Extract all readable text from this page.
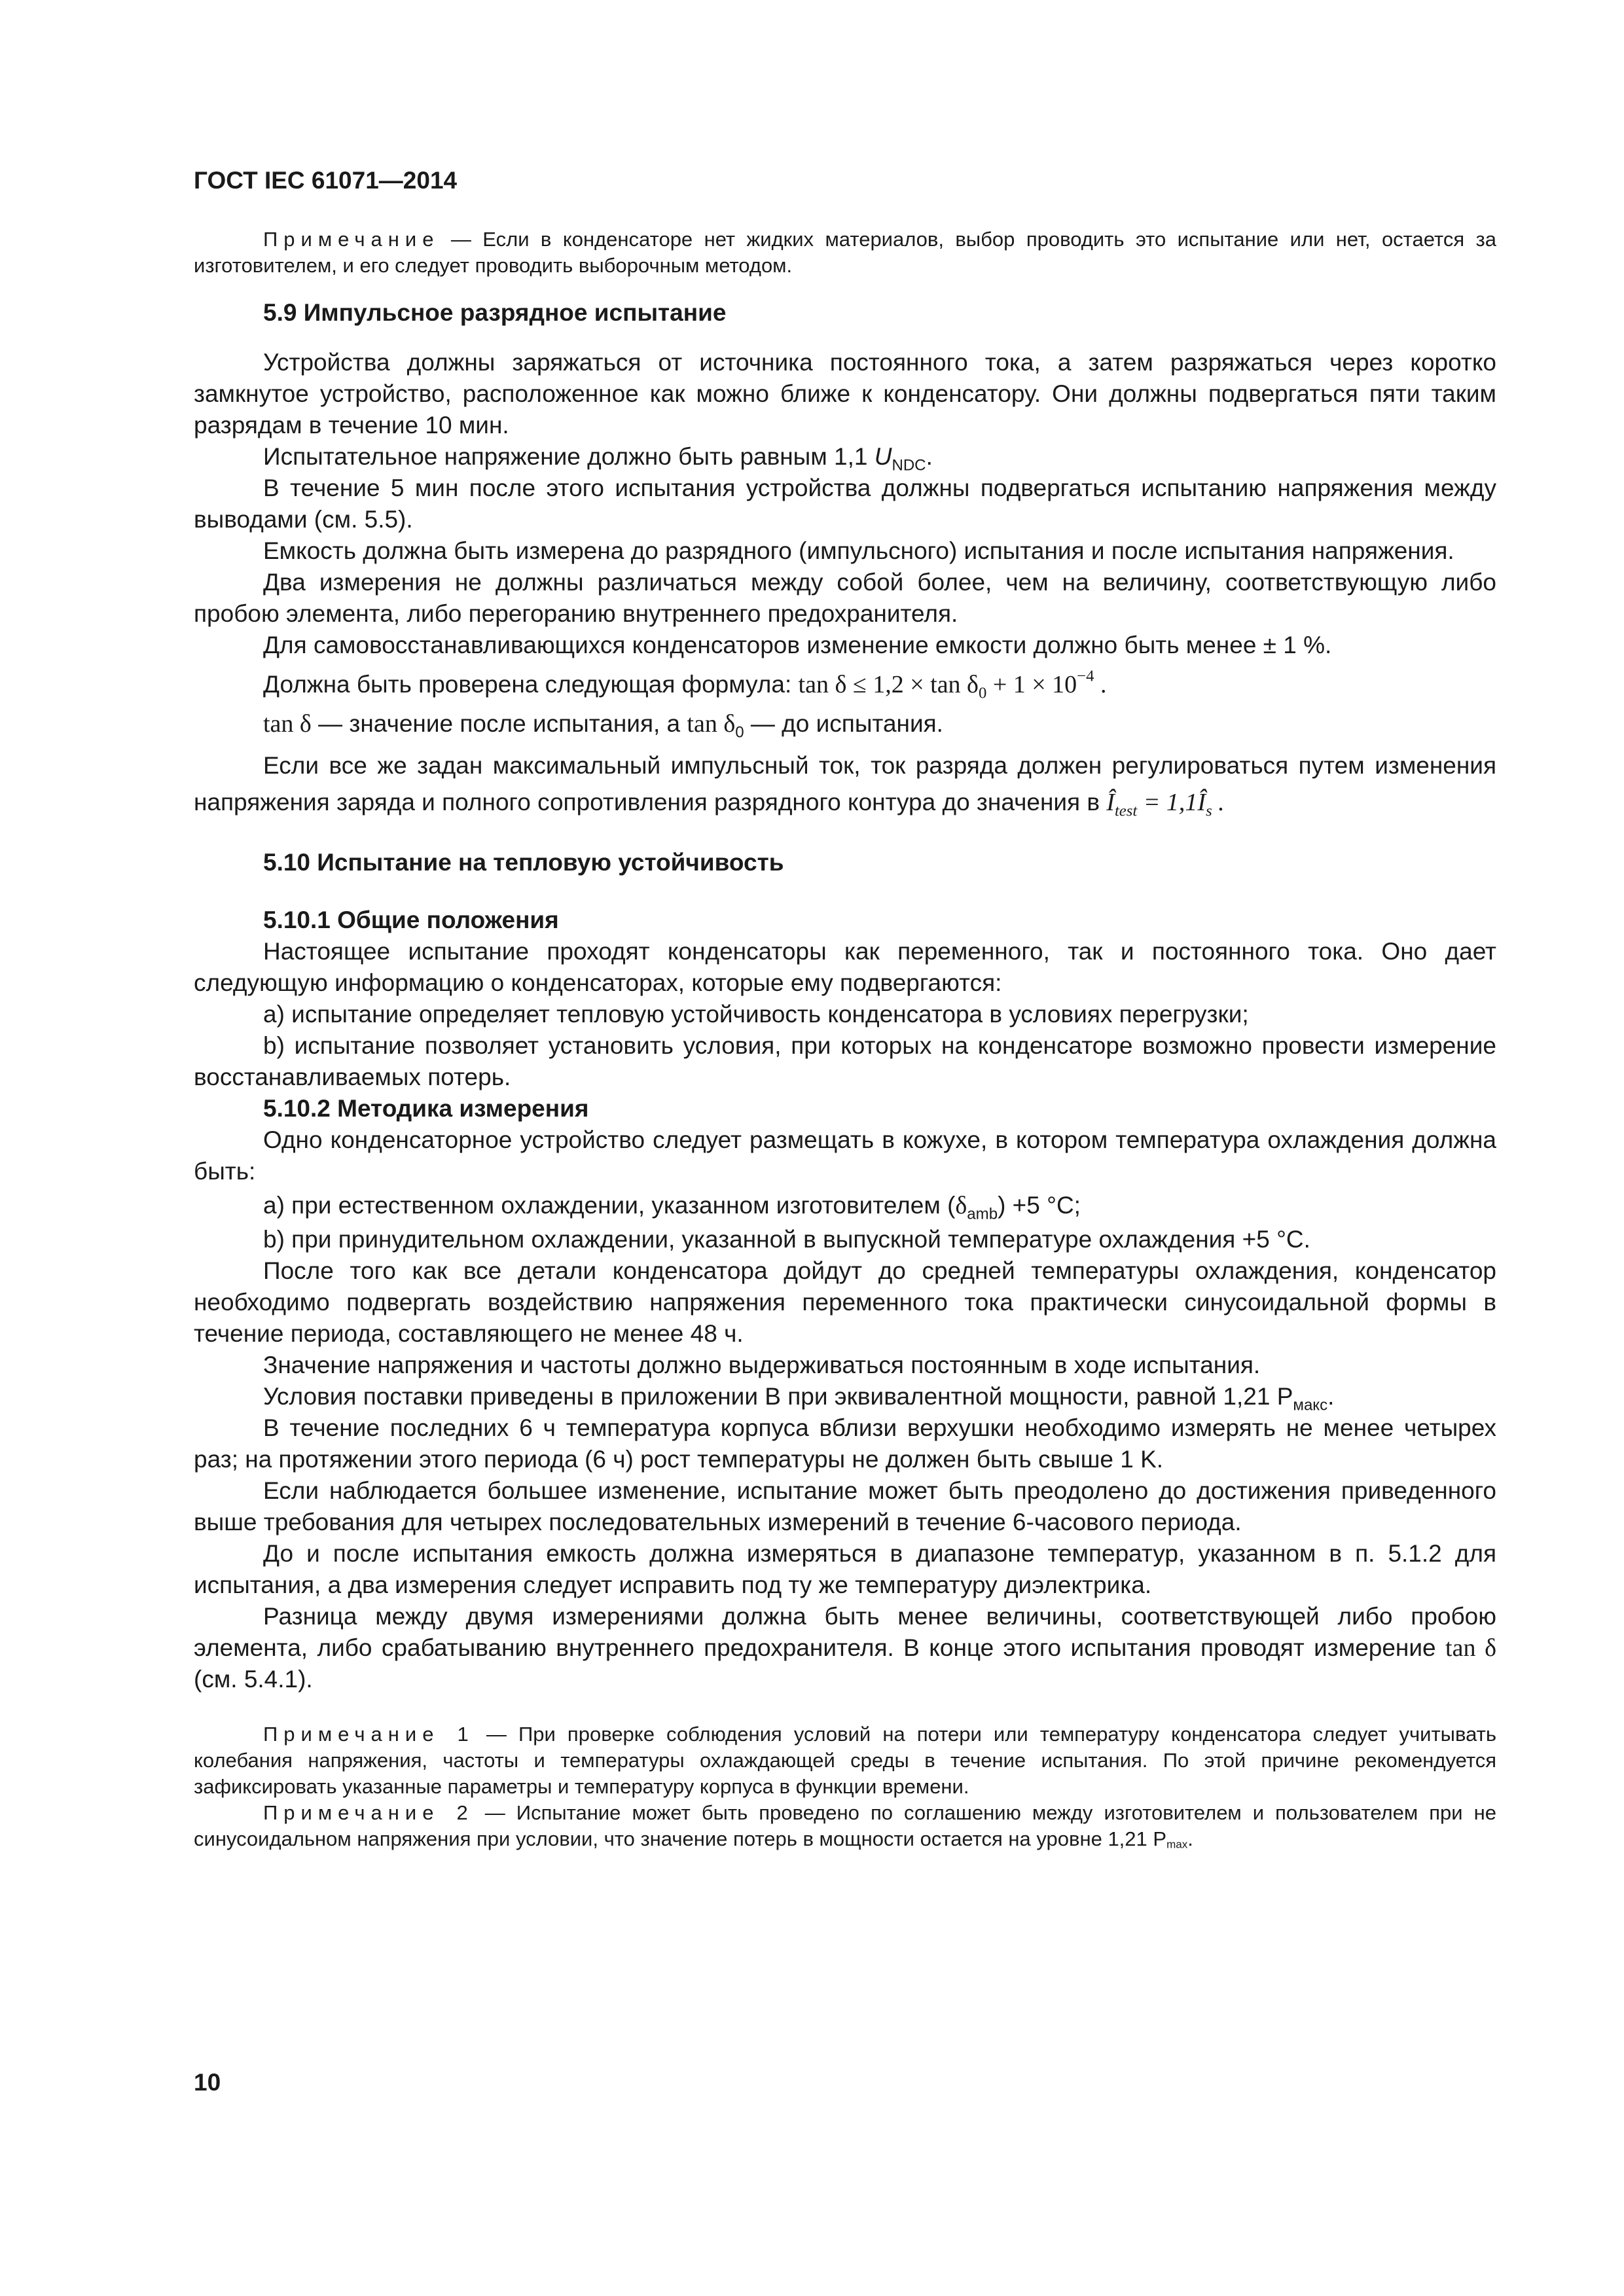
ГОСТ IEC 61071—2014

Примечание — Если в конденсаторе нет жидких материалов, выбор проводить это испытание или нет, остается за изготовителем, и его следует проводить выборочным методом.

5.9 Импульсное разрядное испытание

Устройства должны заряжаться от источника постоянного тока, а затем разряжаться через коротко замкнутое устройство, расположенное как можно ближе к конденсатору. Они должны подвергаться пяти таким разрядам в течение 10 мин.

Испытательное напряжение должно быть равным 1,1 $U_{NDC}$.

В течение 5 мин после этого испытания устройства должны подвергаться испытанию напряжения между выводами (см. 5.5).

Емкость должна быть измерена до разрядного (импульсного) испытания и после испытания напряжения.

Два измерения не должны различаться между собой более, чем на величину, соответствующую либо пробою элемента, либо перегоранию внутреннего предохранителя.

Для самовосстанавливающихся конденсаторов изменение емкости должно быть менее ± 1 %.

Должна быть проверена следующая формула: $\tan \delta \le 1,2 \times \tan \delta_0 + 1 \times 10^{-4}$ .

tan δ — значение после испытания, а $\tan \delta_0$ — до испытания.

Если все же задан максимальный импульсный ток, ток разряда должен регулироваться путем изменения напряжения заряда и полного сопротивления разрядного контура до значения в $Î_{test}$ = $1,1Î_s$ .

5.10 Испытание на тепловую устойчивость
5.10.1 Общие положения

Настоящее испытание проходят конденсаторы как переменного, так и постоянного тока. Оно дает следующую информацию о конденсаторах, которые ему подвергаются:

a) испытание определяет тепловую устойчивость конденсатора в условиях перегрузки;

b) испытание позволяет установить условия, при которых на конденсаторе возможно провести измерение восстанавливаемых потерь.

5.10.2 Методика измерения

Одно конденсаторное устройство следует размещать в кожухе, в котором температура охлаждения должна быть:

a) при естественном охлаждении, указанном изготовителем $(\delta_{amb}) +5$ °C;

b) при принудительном охлаждении, указанной в выпускной температуре охлаждения +5 °C.

После того как все детали конденсатора дойдут до средней температуры охлаждения, конденсатор необходимо подвергать воздействию напряжения переменного тока практически синусоидальной формы в течение периода, составляющего не менее 48 ч.

Значение напряжения и частоты должно выдерживаться постоянным в ходе испытания.

Условия поставки приведены в приложении В при эквивалентной мощности, равной 1,21 $P_{макс}$.

В течение последних 6 ч температура корпуса вблизи верхушки необходимо измерять не менее четырех раз; на протяжении этого периода (6 ч) рост температуры не должен быть свыше 1 K.

Если наблюдается большее изменение, испытание может быть преодолено до достижения приведенного выше требования для четырех последовательных измерений в течение 6-часового периода.

До и после испытания емкость должна измеряться в диапазоне температур, указанном в п. 5.1.2 для испытания, а два измерения следует исправить под ту же температуру диэлектрика.

Разница между двумя измерениями должна быть менее величины, соответствующей либо пробою элемента, либо срабатыванию внутреннего предохранителя. В конце этого испытания проводят измерение tan δ (см. 5.4.1).

Примечание 1 — При проверке соблюдения условий на потери или температуру конденсатора следует учитывать колебания напряжения, частоты и температуры охлаждающей среды в течение испытания. По этой причине рекомендуется зафиксировать указанные параметры и температуру корпуса в функции времени.

Примечание 2 — Испытание может быть проведено по соглашению между изготовителем и пользователем при не синусоидальном напряжения при условии, что значение потерь в мощности остается на уровне 1,21 $P_{max}$.

10
